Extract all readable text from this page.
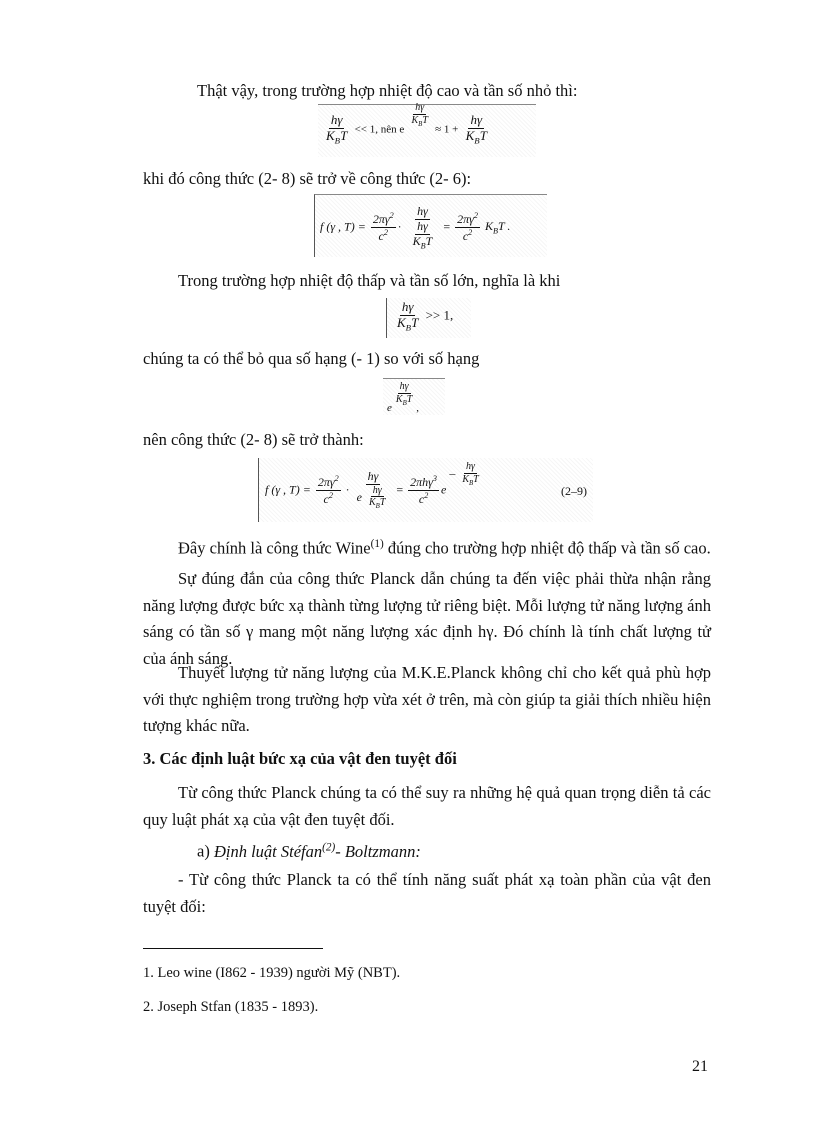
Thật vậy, trong trường hợp nhiệt độ cao và tần số nhỏ thì:

$\frac{h\gamma}{K_BT} << 1$, nên e
$\frac{h\gamma}{K_BT}$
≈ $1 + \frac{h\gamma}{K_BT}$

khi đó công thức (2- 8) sẽ trở về công thức (2- 6):

f (γ , $T) = \frac{2\pi\gamma^2}{c^2} \cdot \frac{h\gamma}{\frac{h\gamma}{K_BT}} = \frac{2\pi\gamma^2}{c^2} K_BT$ .

Trong trường hợp nhiệt độ thấp và tần số lớn, nghĩa là khi

$\frac{h\gamma}{K_BT} >> 1$,

chúng ta có thể bỏ qua số hạng (- 1) so với số hạng

e
$\frac{h\gamma}{K_BT}$
,

nên công thức (2- 8) sẽ trở thành:

f (γ , $T) = \frac{2\pi\gamma^2}{c^2} \cdot \frac{h\gamma}{e \frac{h\gamma}{K_BT}} = \frac{2\pi h\gamma^3}{c^2}$ e – $\frac{h\gamma}{K_BT}$
(2–9)

Đây chính là công thức Wine$^{(1)}$ đúng cho trường hợp nhiệt độ thấp và tần số cao.

Sự đúng đắn của công thức Planck dẫn chúng ta đến việc phải thừa nhận rằng năng lượng được bức xạ thành từng lượng tử riêng biệt. Mỗi lượng tử năng lượng ánh sáng có tần số γ mang một năng lượng xác định hγ. Đó chính là tính chất lượng tử của ánh sáng.

Thuyết lượng tử năng lượng của M.K.E.Planck không chỉ cho kết quả phù hợp với thực nghiệm trong trường hợp vừa xét ở trên, mà còn giúp ta giải thích nhiều hiện tượng khác nữa.

3. Các định luật bức xạ của vật đen tuyệt đối

Từ công thức Planck chúng ta có thể suy ra những hệ quả quan trọng diễn tả các quy luật phát xạ của vật đen tuyệt đối.

a) Định luật Stéfan$^{(2)}$- Boltzmann:

- Từ công thức Planck ta có thể tính năng suất phát xạ toàn phần của vật đen tuyệt đối:

1. Leo wine (I862 - 1939) người Mỹ (NBT).

2. Joseph Stfan (1835 - 1893).

21
